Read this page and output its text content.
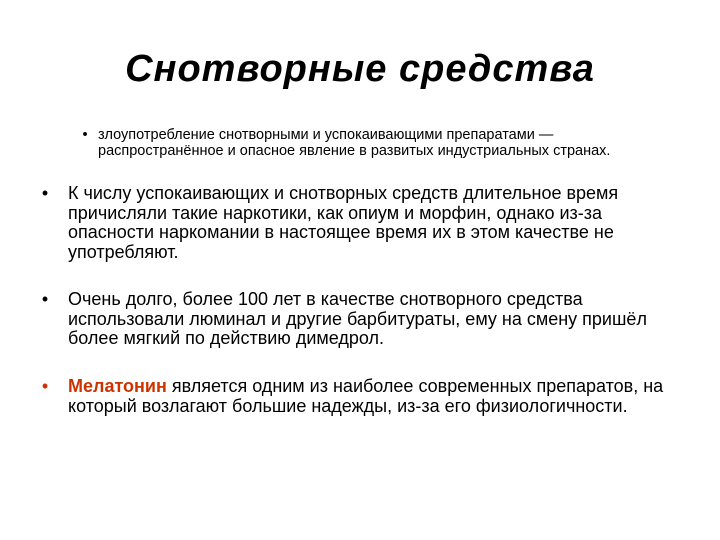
Снотворные средства
• злоупотребление снотворными и успокаивающими препаратами — распространённое и опасное явление в развитых индустриальных странах.
•	К числу успокаивающих и снотворных средств длительное время причисляли такие наркотики, как опиум и морфин, однако из-за опасности наркомании в настоящее время их в этом качестве не употребляют.
•	Очень долго, более 100 лет в качестве снотворного средства использовали люминал и другие барбитураты, ему на смену пришёл более мягкий по действию димедрол.
•	Мелатонин является одним из наиболее современных препаратов, на который возлагают большие надежды, из-за его физиологичности.
